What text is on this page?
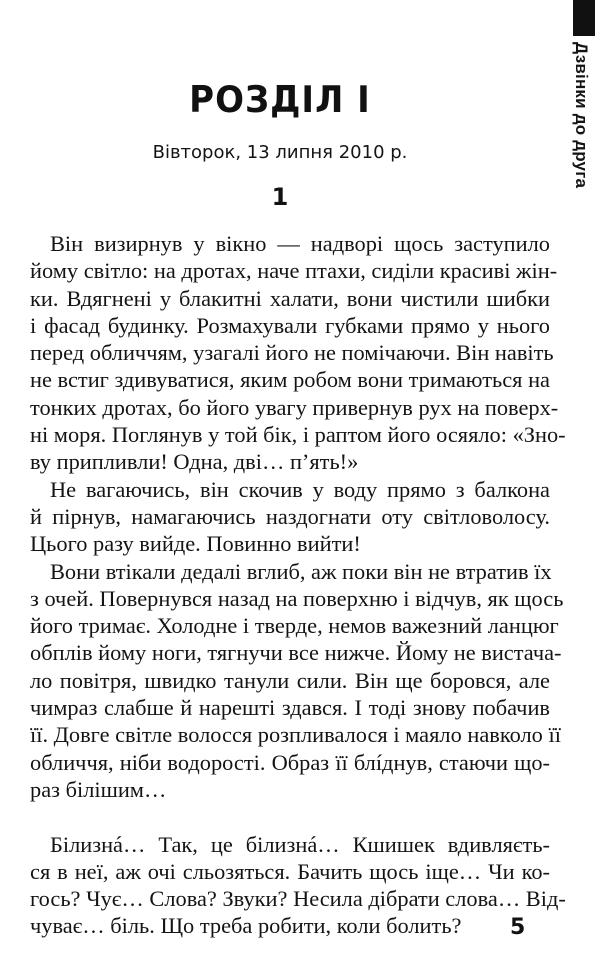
Дзвінки до друга
РОЗДІЛ I
Вівторок, 13 липня 2010 р.
1
Він визирнув у вікно — надворі щось заступило
йому світло: на дротах, наче птахи, сиділи красиві жін-
ки. Вдягнені у блакитні халати, вони чистили шибки
і фасад будинку. Розмахували губками прямо у нього
перед обличчям, узагалі його не помічаючи. Він навіть
не встиг здивуватися, яким робом вони тримаються на
тонких дротах, бо його увагу привернув рух на поверх-
ні моря. Поглянув у той бік, і раптом його осяяло: «Зно-
ву припливли! Одна, дві… п’ять!»
Не вагаючись, він скочив у воду прямо з балкона
й пірнув, намагаючись наздогнати оту світловолосу.
Цього разу вийде. Повинно вийти!
Вони втікали дедалі вглиб, аж поки він не втратив їх
з очей. Повернувся назад на поверхню і відчув, як щось
його тримає. Холодне і тверде, немов важезний ланцюг
обплів йому ноги, тягнучи все нижче. Йому не вистача-
ло повітря, швидко танули сили. Він ще боровся, але
чимраз слабше й нарешті здався. І тоді знову побачив
її. Довге світле волосся розпливалося і маяло навколо її
обличчя, ніби водорості. Образ її блíднув, стаючи що-
раз білішим…
Білизнá… Так, це білизнá… Кшишек вдивляєть-
ся в неї, аж очі сльозяться. Бачить щось іще… Чи ко-
гось? Чує… Слова? Звуки? Несила дібрати слова… Від-
чуває… біль. Що треба робити, коли болить?	5
